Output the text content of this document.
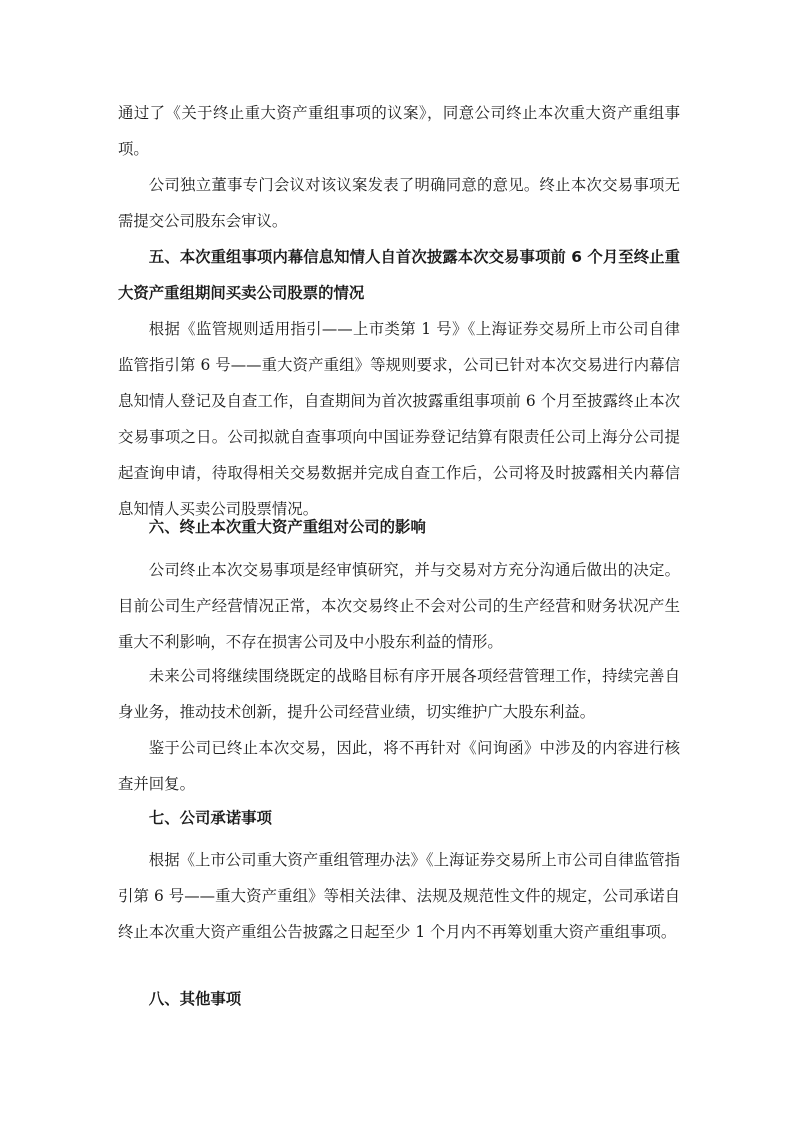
通过了《关于终止重大资产重组事项的议案》，同意公司终止本次重大资产重组事项。

公司独立董事专门会议对该议案发表了明确同意的意见。终止本次交易事项无需提交公司股东会审议。

五、本次重组事项内幕信息知情人自首次披露本次交易事项前 6 个月至终止重大资产重组期间买卖公司股票的情况

根据《监管规则适用指引——上市类第 1 号》《上海证券交易所上市公司自律监管指引第 6 号——重大资产重组》等规则要求，公司已针对本次交易进行内幕信息知情人登记及自查工作，自查期间为首次披露重组事项前 6 个月至披露终止本次交易事项之日。公司拟就自查事项向中国证券登记结算有限责任公司上海分公司提起查询申请，待取得相关交易数据并完成自查工作后，公司将及时披露相关内幕信息知情人买卖公司股票情况。

六、终止本次重大资产重组对公司的影响

公司终止本次交易事项是经审慎研究，并与交易对方充分沟通后做出的决定。目前公司生产经营情况正常，本次交易终止不会对公司的生产经营和财务状况产生重大不利影响，不存在损害公司及中小股东利益的情形。

未来公司将继续围绕既定的战略目标有序开展各项经营管理工作，持续完善自身业务，推动技术创新，提升公司经营业绩，切实维护广大股东利益。

鉴于公司已终止本次交易，因此，将不再针对《问询函》中涉及的内容进行核查并回复。

七、公司承诺事项

根据《上市公司重大资产重组管理办法》《上海证券交易所上市公司自律监管指引第 6 号——重大资产重组》等相关法律、法规及规范性文件的规定，公司承诺自终止本次重大资产重组公告披露之日起至少 1 个月内不再筹划重大资产重组事项。

八、其他事项
